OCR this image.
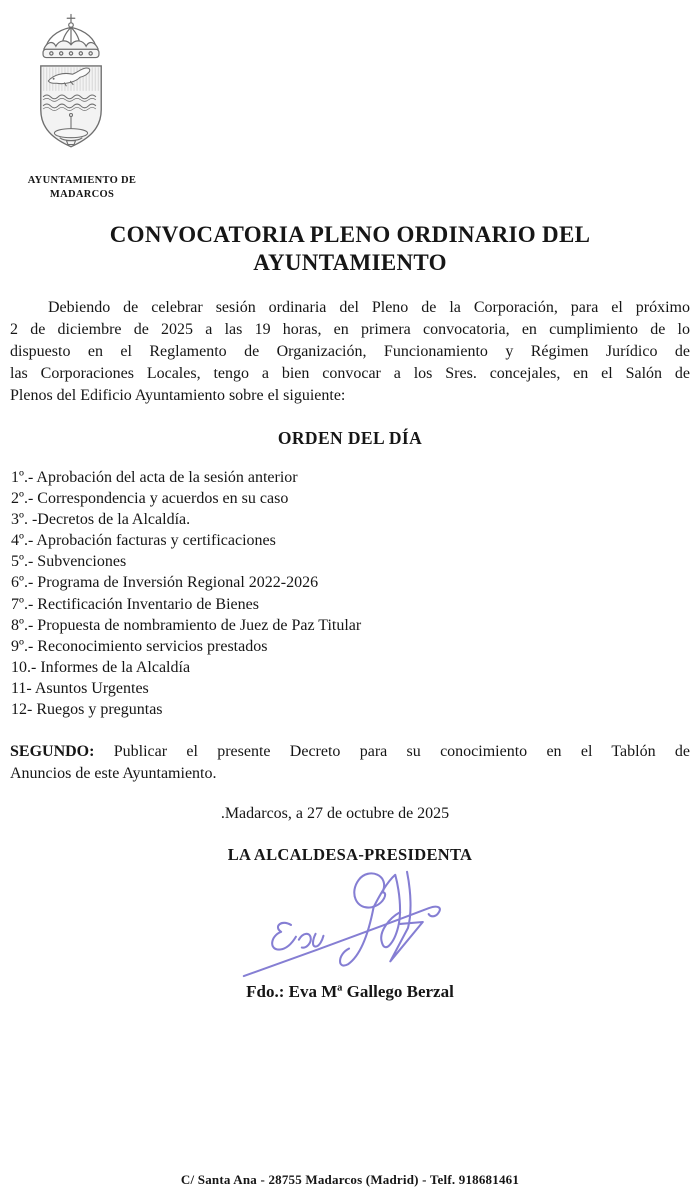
AYUNTAMIENTO DE
MADARCOS
CONVOCATORIA PLENO ORDINARIO DEL
AYUNTAMIENTO
Debiendo de celebrar sesión ordinaria del Pleno de la Corporación, para el próximo
2 de diciembre de 2025 a las 19 horas, en primera convocatoria, en cumplimiento de lo
dispuesto en el Reglamento de Organización, Funcionamiento y Régimen Jurídico de
las Corporaciones Locales, tengo a bien convocar a los Sres. concejales, en el Salón de
Plenos del Edificio Ayuntamiento sobre el siguiente:
ORDEN DEL DÍA
1º.- Aprobación del acta de la sesión anterior
2º.- Correspondencia y acuerdos en su caso
3º. -Decretos de la Alcaldía.
4º.- Aprobación facturas y certificaciones
5º.- Subvenciones
6º.- Programa de Inversión Regional 2022-2026
7º.- Rectificación Inventario de Bienes
8º.- Propuesta de nombramiento de Juez de Paz Titular
9º.- Reconocimiento servicios prestados
10.- Informes de la Alcaldía
11- Asuntos Urgentes
12- Ruegos y preguntas
SEGUNDO: Publicar el presente Decreto para su conocimiento en el Tablón de
Anuncios de este Ayuntamiento.
.Madarcos, a 27 de octubre de 2025
LA ALCALDESA-PRESIDENTA
Fdo.: Eva Mª Gallego Berzal
C/ Santa Ana - 28755 Madarcos (Madrid) - Telf. 918681461
